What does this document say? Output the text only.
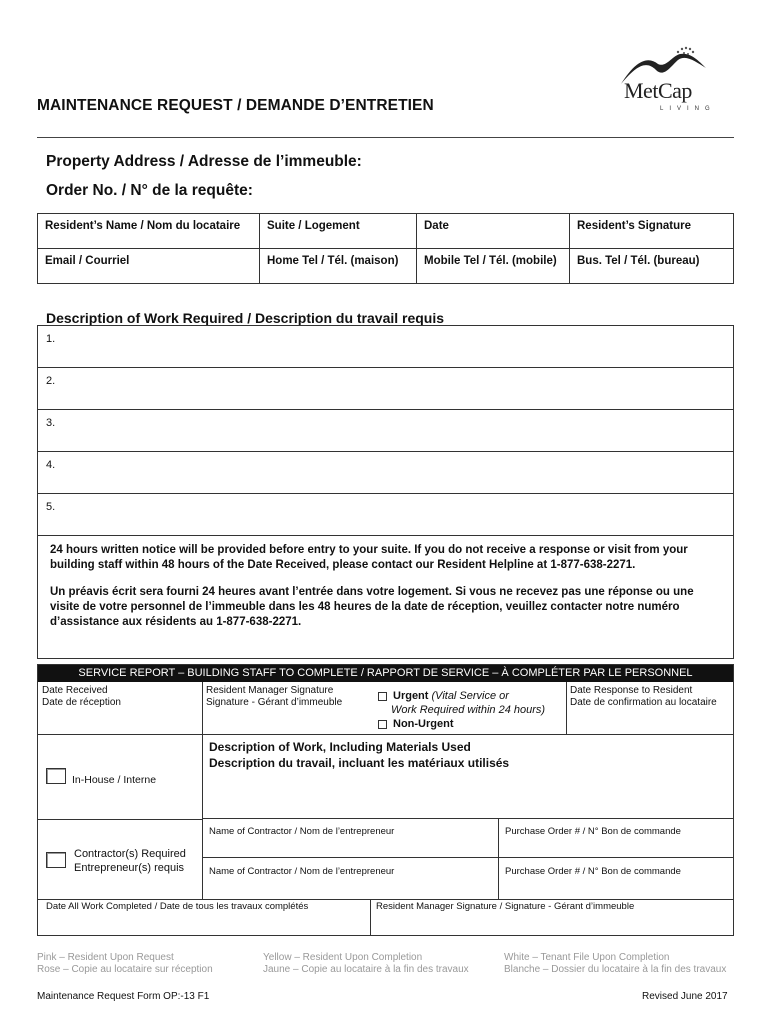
MAINTENANCE REQUEST / DEMANDE D’ENTRETIEN
MetCap
LIVING
Property Address / Adresse de l’immeuble:
Order No. / N° de la requête:
Resident’s Name / Nom du locataire	Suite / Logement	Date	Resident’s Signature
Email / Courriel	Home Tel / Tél. (maison)	Mobile Tel / Tél. (mobile)	Bus. Tel / Tél. (bureau)
Description of Work Required / Description du travail requis
1.
2.
3.
4.
5.

24 hours written notice will be provided before entry to your suite. If you do not receive a response or visit from your building staff within 48 hours of the Date Received, please contact our Resident Helpline at 1-877-638-2271.

Un préavis écrit sera fourni 24 heures avant l’entrée dans votre logement. Si vous ne recevez pas une réponse ou une visite de votre personnel de l’immeuble dans les 48 heures de la date de réception, veuillez contacter notre numéro d’assistance aux résidents au 1-877-638-2271.

SERVICE REPORT – BUILDING STAFF TO COMPLETE / RAPPORT DE SERVICE – À COMPLÉTER PAR LE PERSONNEL
Date Received
Date de réception
Resident Manager Signature
Signature - Gérant d’immeuble
Urgent (Vital Service or
Work Required within 24 hours)
Non-Urgent
Date Response to Resident
Date de confirmation au locataire
Description of Work, Including Materials Used
Description du travail, incluant les matériaux utilisés
In-House / Interne
Contractor(s) Required
Entrepreneur(s) requis
Name of Contractor / Nom de l’entrepreneur	Purchase Order # / N° Bon de commande
Name of Contractor / Nom de l’entrepreneur	Purchase Order # / N° Bon de commande
Date All Work Completed / Date de tous les travaux complétés	Resident Manager Signature / Signature - Gérant d’immeuble
Pink – Resident Upon Request
Rose – Copie au locataire sur réception
Yellow – Resident Upon Completion
Jaune – Copie au locataire à la fin des travaux
White – Tenant File Upon Completion
Blanche – Dossier du locataire à la fin des travaux
Maintenance Request Form OP:-13 F1	Revised June 2017
